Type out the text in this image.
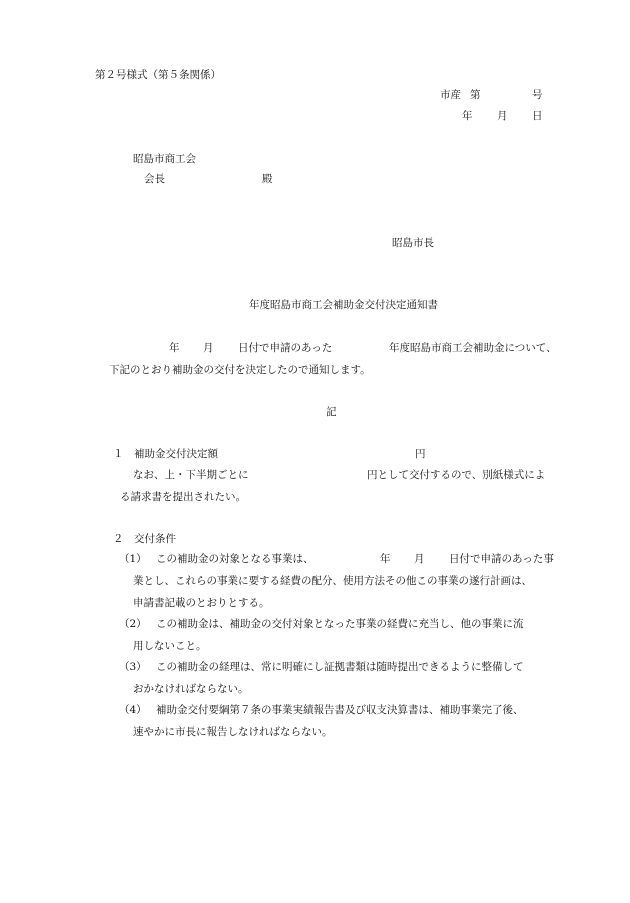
第２号様式（第５条関係）
市産 第	号
年 月 日
昭島市商工会
会長	殿
昭島市長
年度昭島市商工会補助金交付決定通知書
年 月 日付で申請のあった	年度昭島市商工会補助金について、
下記のとおり補助金の交付を決定したので通知します。
記
１　補助金交付決定額	円
なお、上・下半期ごとに	円として交付するので、別紙様式によ
る請求書を提出されたい。
２　交付条件
（1） この補助金の対象となる事業は、	年 月 日付で申請のあった事
業とし、これらの事業に要する経費の配分、使用方法その他この事業の遂行計画は、
申請書記載のとおりとする。
（2） この補助金は、補助金の交付対象となった事業の経費に充当し、他の事業に流
用しないこと。
（3） この補助金の経理は、常に明確にし証拠書類は随時提出できるように整備して
おかなければならない。
（4） 補助金交付要綱第７条の事業実績報告書及び収支決算書は、補助事業完了後、
速やかに市長に報告しなければならない。
